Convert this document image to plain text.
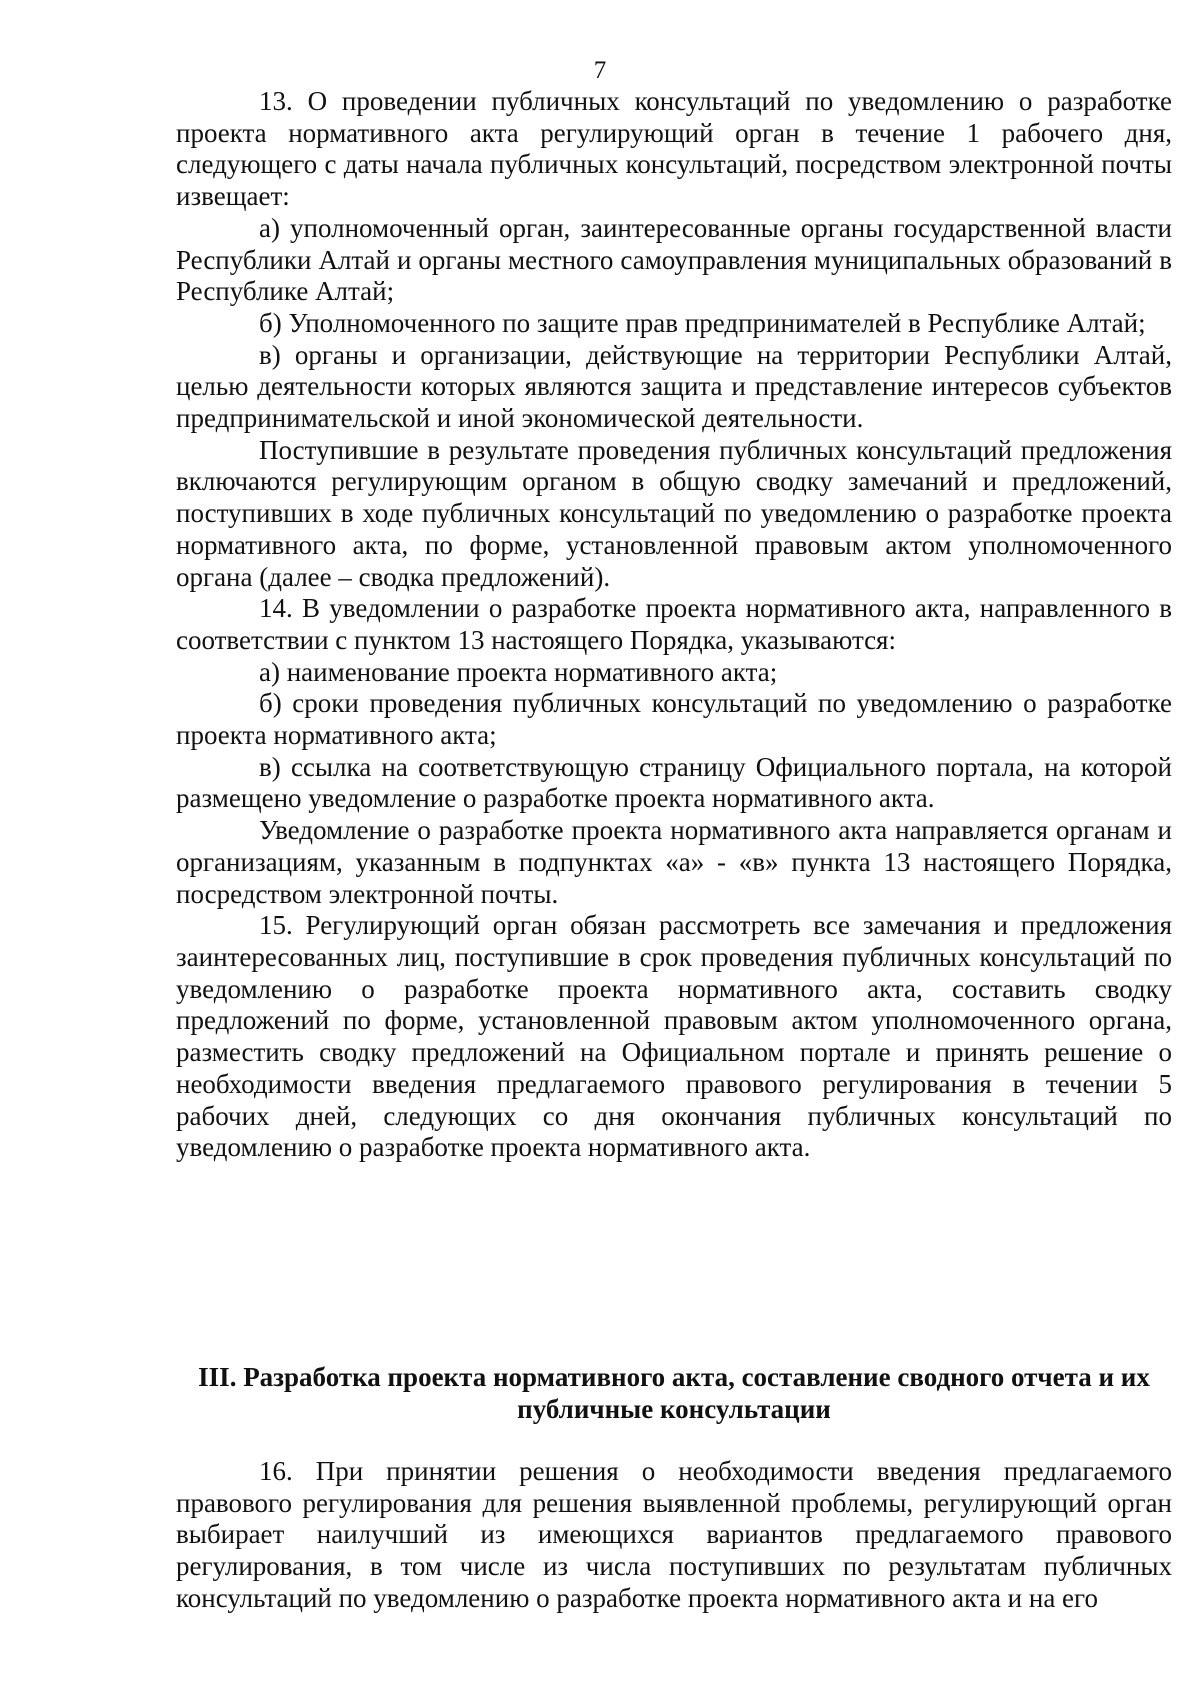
7

13. О проведении публичных консультаций по уведомлению о разработке проекта нормативного акта регулирующий орган в течение 1 рабочего дня, следующего с даты начала публичных консультаций, посредством электронной почты извещает:

а) уполномоченный орган, заинтересованные органы государственной власти Республики Алтай и органы местного самоуправления муниципальных образований в Республике Алтай;

б) Уполномоченного по защите прав предпринимателей в Республике Алтай;

в) органы и организации, действующие на территории Республики Алтай, целью деятельности которых являются защита и представление интересов субъектов предпринимательской и иной экономической деятельности.

Поступившие в результате проведения публичных консультаций предложения включаются регулирующим органом в общую сводку замечаний и предложений, поступивших в ходе публичных консультаций по уведомлению о разработке проекта нормативного акта, по форме, установленной правовым актом уполномоченного органа (далее – сводка предложений).

14. В уведомлении о разработке проекта нормативного акта, направленного в соответствии с пунктом 13 настоящего Порядка, указываются:

а) наименование проекта нормативного акта;

б) сроки проведения публичных консультаций по уведомлению о разработке проекта нормативного акта;

в) ссылка на соответствующую страницу Официального портала, на которой размещено уведомление о разработке проекта нормативного акта.

Уведомление о разработке проекта нормативного акта направляется органам и организациям, указанным в подпунктах «а» - «в» пункта 13 настоящего Порядка, посредством электронной почты.

15. Регулирующий орган обязан рассмотреть все замечания и предложения заинтересованных лиц, поступившие в срок проведения публичных консультаций по уведомлению о разработке проекта нормативного акта, составить сводку предложений по форме, установленной правовым актом уполномоченного органа, разместить сводку предложений на Официальном портале и принять решение о необходимости введения предлагаемого правового регулирования в течении 5 рабочих дней, следующих со дня окончания публичных консультаций по уведомлению о разработке проекта нормативного акта.

III. Разработка проекта нормативного акта, составление сводного отчета и их публичные консультации

16. При принятии решения о необходимости введения предлагаемого правового регулирования для решения выявленной проблемы, регулирующий орган выбирает наилучший из имеющихся вариантов предлагаемого правового регулирования, в том числе из числа поступивших по результатам публичных консультаций по уведомлению о разработке проекта нормативного акта и на его
